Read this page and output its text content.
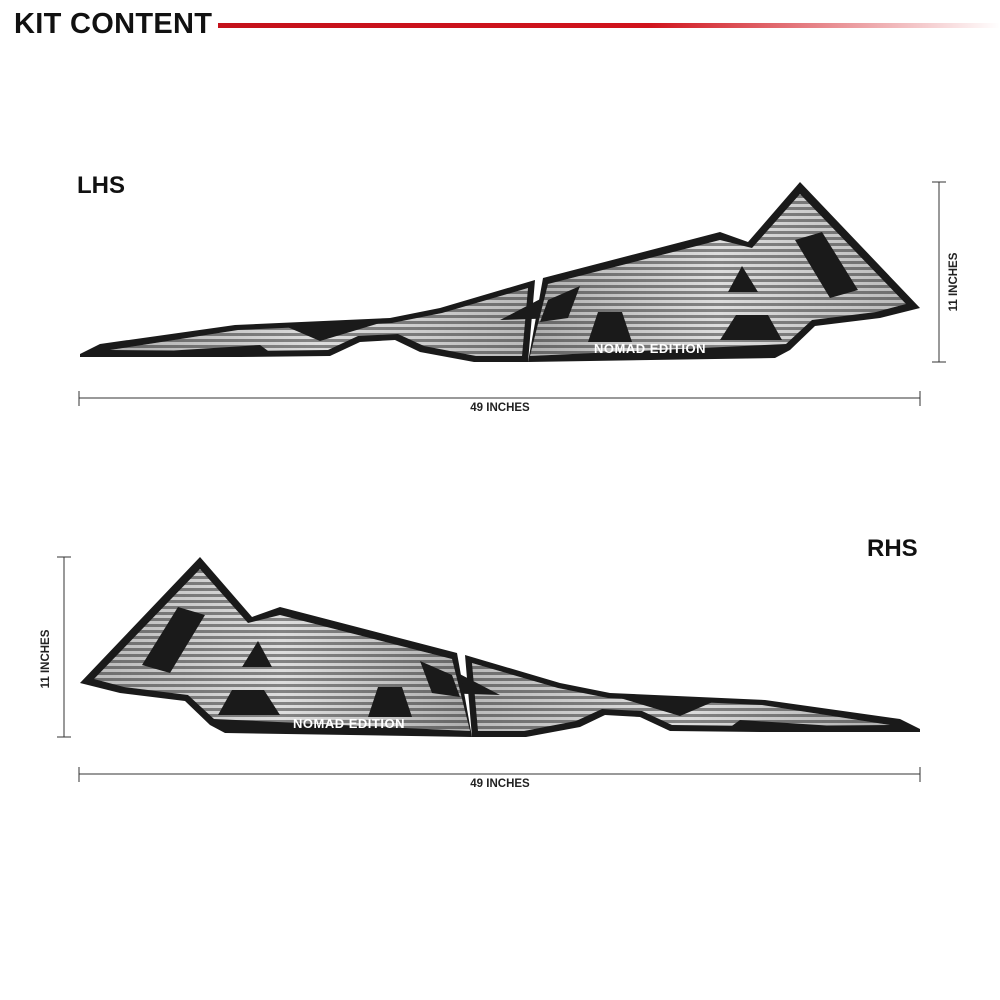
KIT CONTENT
LHS
RHS
NOMAD EDITION
NOMAD EDITION
49 INCHES
11 INCHES
49 INCHES
11 INCHES
